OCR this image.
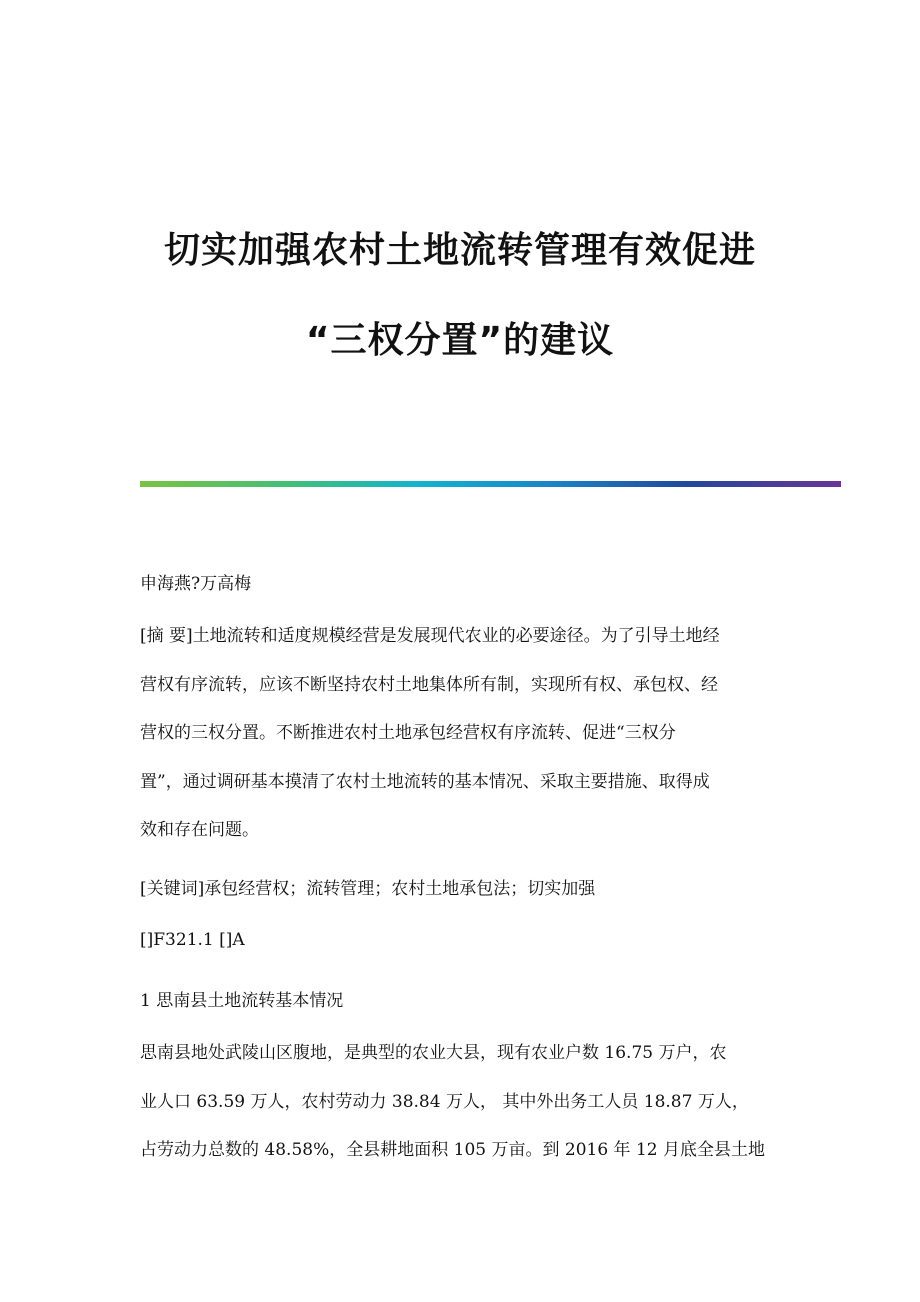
切实加强农村土地流转管理有效促进
“三权分置”的建议
申海燕?万高梅
[摘 要]土地流转和适度规模经营是发展现代农业的必要途径。为了引导土地经
营权有序流转，应该不断坚持农村土地集体所有制，实现所有权、承包权、经
营权的三权分置。不断推进农村土地承包经营权有序流转、促进“三权分
置”，通过调研基本摸清了农村土地流转的基本情况、采取主要措施、取得成
效和存在问题。
[关键词]承包经营权；流转管理；农村土地承包法；切实加强
[]F321.1 []A
1 思南县土地流转基本情况
思南县地处武陵山区腹地，是典型的农业大县，现有农业户数 16.75 万户，农
业人口 63.59 万人，农村劳动力 38.84 万人， 其中外出务工人员 18.87 万人，
占劳动力总数的 48.58%，全县耕地面积 105 万亩。到 2016 年 12 月底全县土地
